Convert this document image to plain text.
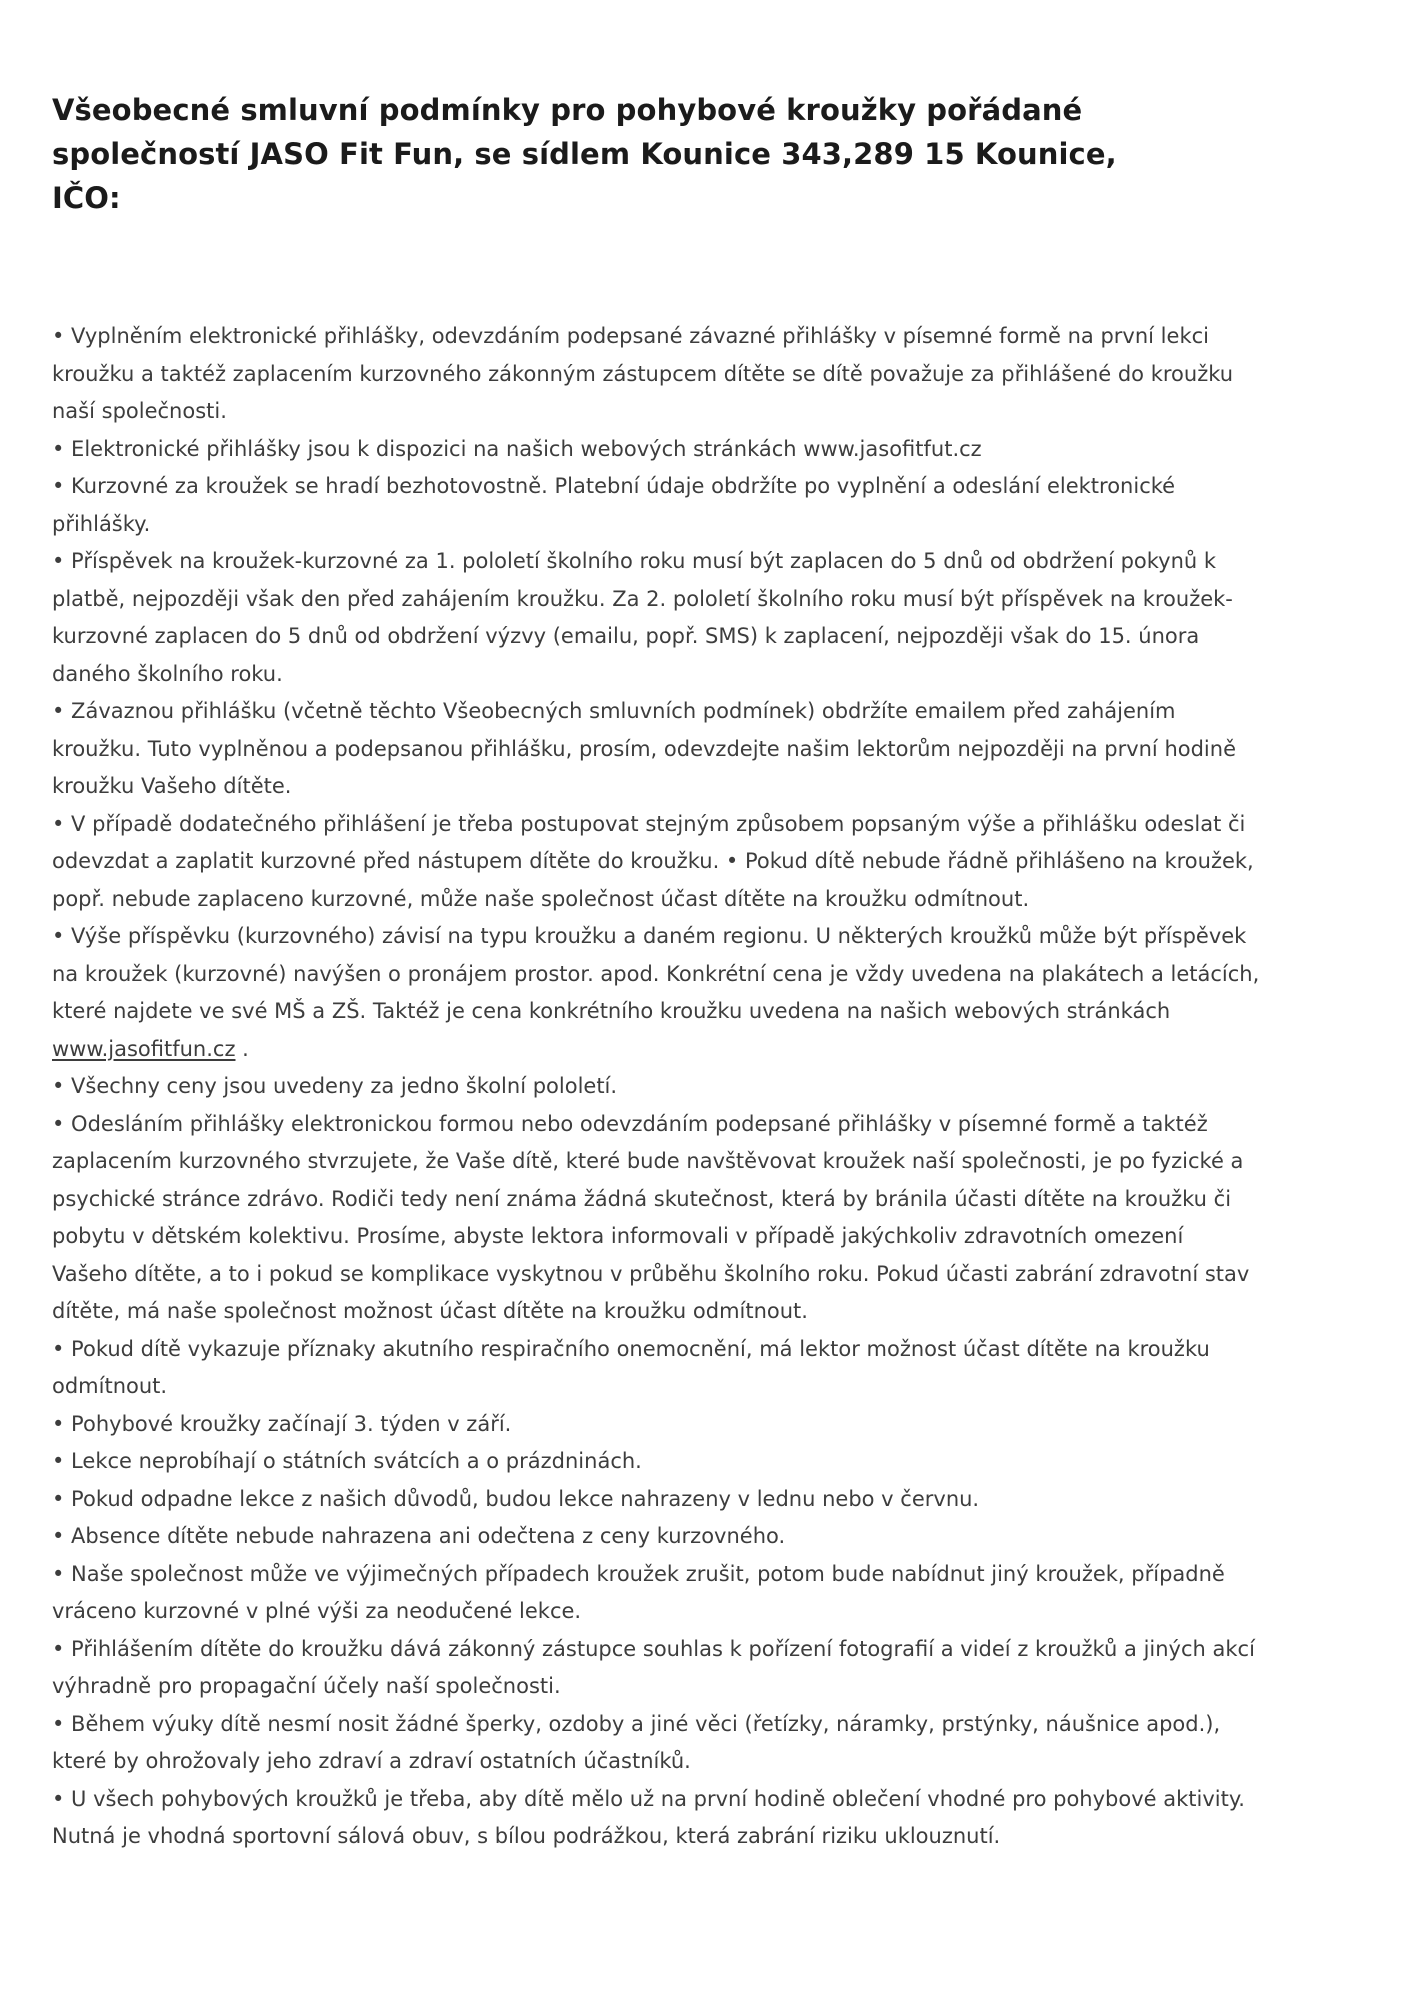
Všeobecné smluvní podmínky pro pohybové kroužky pořádané
společností JASO Fit Fun, se sídlem Kounice 343,289 15 Kounice,
IČO:

• Vyplněním elektronické přihlášky, odevzdáním podepsané závazné přihlášky v písemné formě na první lekci kroužku a taktéž zaplacením kurzovného zákonným zástupcem dítěte se dítě považuje za přihlášené do kroužku naší společnosti.

• Elektronické přihlášky jsou k dispozici na našich webových stránkách www.jasofitfut.cz

• Kurzovné za kroužek se hradí bezhotovostně. Platební údaje obdržíte po vyplnění a odeslání elektronické přihlášky.

• Příspěvek na kroužek-kurzovné za 1. pololetí školního roku musí být zaplacen do 5 dnů od obdržení pokynů k platbě, nejpozději však den před zahájením kroužku. Za 2. pololetí školního roku musí být příspěvek na kroužek-kurzovné zaplacen do 5 dnů od obdržení výzvy (emailu, popř. SMS) k zaplacení, nejpozději však do 15. února daného školního roku.

• Závaznou přihlášku (včetně těchto Všeobecných smluvních podmínek) obdržíte emailem před zahájením kroužku. Tuto vyplněnou a podepsanou přihlášku, prosím, odevzdejte našim lektorům nejpozději na první hodině kroužku Vašeho dítěte.

• V případě dodatečného přihlášení je třeba postupovat stejným způsobem popsaným výše a přihlášku odeslat či odevzdat a zaplatit kurzovné před nástupem dítěte do kroužku. • Pokud dítě nebude řádně přihlášeno na kroužek, popř. nebude zaplaceno kurzovné, může naše společnost účast dítěte na kroužku odmítnout.

• Výše příspěvku (kurzovného) závisí na typu kroužku a daném regionu. U některých kroužků může být příspěvek na kroužek (kurzovné) navýšen o pronájem prostor. apod. Konkrétní cena je vždy uvedena na plakátech a letácích, které najdete ve své MŠ a ZŠ. Taktéž je cena konkrétního kroužku uvedena na našich webových stránkách www.jasofitfun.cz .

• Všechny ceny jsou uvedeny za jedno školní pololetí.

• Odesláním přihlášky elektronickou formou nebo odevzdáním podepsané přihlášky v písemné formě a taktéž zaplacením kurzovného stvrzujete, že Vaše dítě, které bude navštěvovat kroužek naší společnosti, je po fyzické a psychické stránce zdrávo. Rodiči tedy není známa žádná skutečnost, která by bránila účasti dítěte na kroužku či pobytu v dětském kolektivu. Prosíme, abyste lektora informovali v případě jakýchkoliv zdravotních omezení Vašeho dítěte, a to i pokud se komplikace vyskytnou v průběhu školního roku. Pokud účasti zabrání zdravotní stav dítěte, má naše společnost možnost účast dítěte na kroužku odmítnout.

• Pokud dítě vykazuje příznaky akutního respiračního onemocnění, má lektor možnost účast dítěte na kroužku odmítnout.

• Pohybové kroužky začínají 3. týden v září.

• Lekce neprobíhají o státních svátcích a o prázdninách.

• Pokud odpadne lekce z našich důvodů, budou lekce nahrazeny v lednu nebo v červnu.

• Absence dítěte nebude nahrazena ani odečtena z ceny kurzovného.

• Naše společnost může ve výjimečných případech kroužek zrušit, potom bude nabídnut jiný kroužek, případně vráceno kurzovné v plné výši za neodučené lekce.

• Přihlášením dítěte do kroužku dává zákonný zástupce souhlas k pořízení fotografií a videí z kroužků a jiných akcí výhradně pro propagační účely naší společnosti.

• Během výuky dítě nesmí nosit žádné šperky, ozdoby a jiné věci (řetízky, náramky, prstýnky, náušnice apod.), které by ohrožovaly jeho zdraví a zdraví ostatních účastníků.

• U všech pohybových kroužků je třeba, aby dítě mělo už na první hodině oblečení vhodné pro pohybové aktivity. Nutná je vhodná sportovní sálová obuv, s bílou podrážkou, která zabrání riziku uklouznutí.
